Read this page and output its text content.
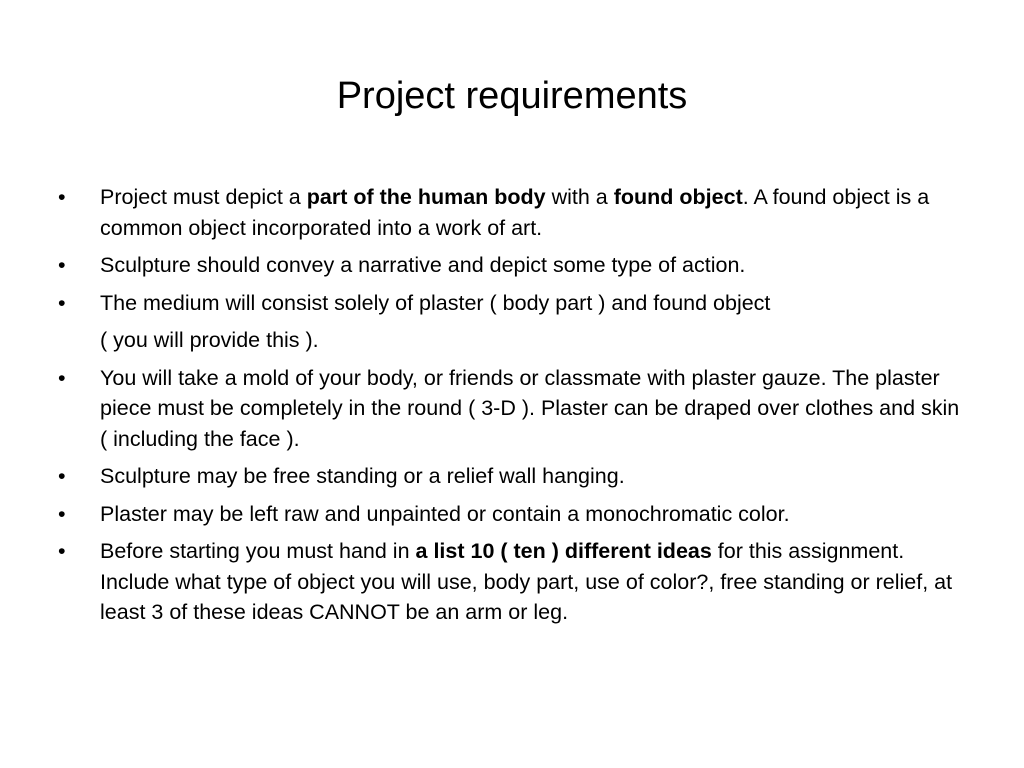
Project requirements
•	Project must depict a part of the human body with a found object. A found object is a common object incorporated into a work of art.
•	Sculpture should convey a narrative and depict some type of action.
•	The medium will consist solely of plaster ( body part ) and found object
( you will provide this ).
•	You will take a mold of your body, or friends or classmate with plaster gauze. The plaster piece must be completely in the round ( 3-D ). Plaster can be draped over clothes and skin ( including the face ).
•	Sculpture may be free standing or a relief wall hanging.
•	Plaster may be left raw and unpainted or contain a monochromatic color.
•	Before starting you must hand in a list 10 ( ten ) different ideas for this assignment. Include what type of object you will use, body part, use of color?, free standing or relief, at least 3 of these ideas CANNOT be an arm or leg.
